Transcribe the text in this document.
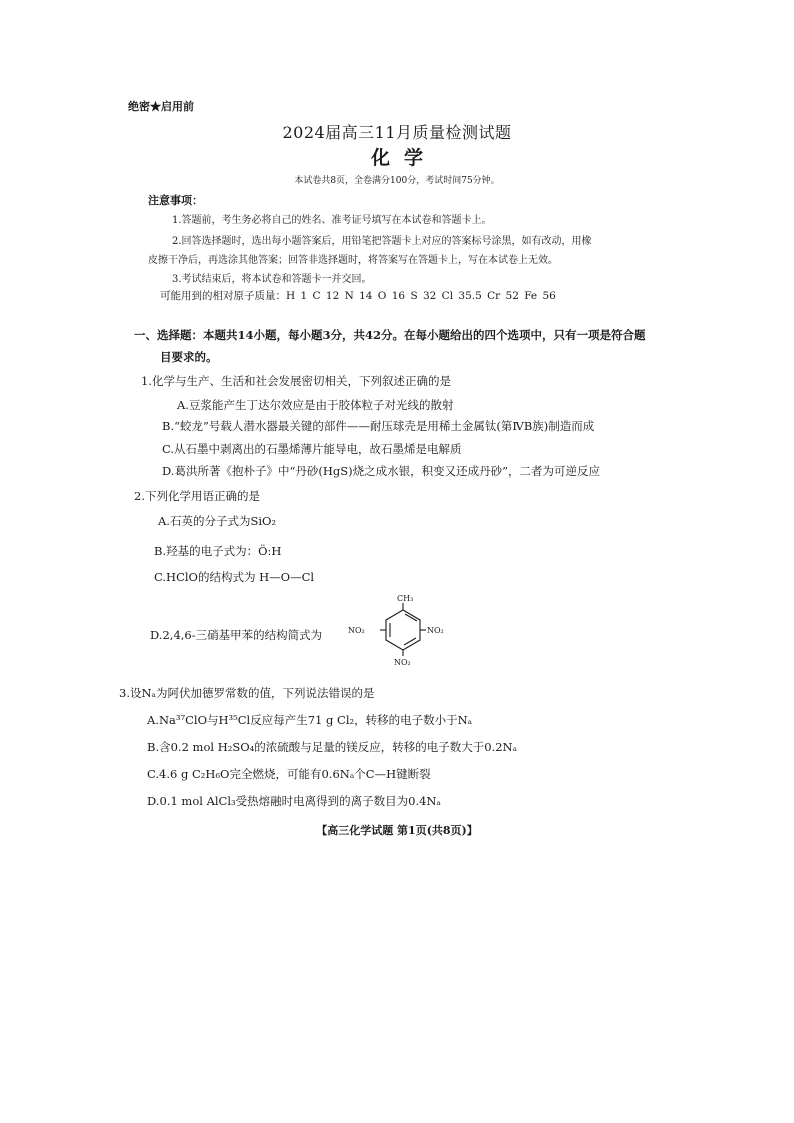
绝密★启用前
2024届高三11月质量检测试题
化学
本试卷共8页，全卷满分100分，考试时间75分钟。
注意事项：
1.答题前，考生务必将自己的姓名、准考证号填写在本试卷和答题卡上。
2.回答选择题时，选出每小题答案后，用铅笔把答题卡上对应的答案标号涂黑，如有改动，用橡
皮擦干净后，再选涂其他答案；回答非选择题时，将答案写在答题卡上，写在本试卷上无效。
3.考试结束后，将本试卷和答题卡一并交回。
可能用到的相对原子质量：H 1 C 12 N 14 O 16 S 32 Cl 35.5 Cr 52 Fe 56
一、选择题：本题共14小题，每小题3分，共42分。在每小题给出的四个选项中，只有一项是符合题
目要求的。
1.化学与生产、生活和社会发展密切相关，下列叙述正确的是
A.豆浆能产生丁达尔效应是由于胶体粒子对光线的散射
B.“蛟龙”号载人潜水器最关键的部件——耐压球壳是用稀土金属钛(第ⅣB族)制造而成
C.从石墨中剥离出的石墨烯薄片能导电，故石墨烯是电解质
D.葛洪所著《抱朴子》中“丹砂(HgS)烧之成水银，积变又还成丹砂”，二者为可逆反应
2.下列化学用语正确的是
A.石英的分子式为SiO₂
B.羟基的电子式为：Ö:H
C.HClO的结构式为 H—O—Cl
D.2,4,6-三硝基甲苯的结构简式为
CH₃
NO₂	NO₂
NO₂
3.设Nₐ为阿伏加德罗常数的值，下列说法错误的是
A.Na³⁷ClO与H³⁵Cl反应每产生71 g Cl₂，转移的电子数小于Nₐ
B.含0.2 mol H₂SO₄的浓硫酸与足量的镁反应，转移的电子数大于0.2Nₐ
C.4.6 g C₂H₆O完全燃烧，可能有0.6Nₐ个C—H键断裂
D.0.1 mol AlCl₃受热熔融时电离得到的离子数目为0.4Nₐ
【高三化学试题 第1页(共8页)】
